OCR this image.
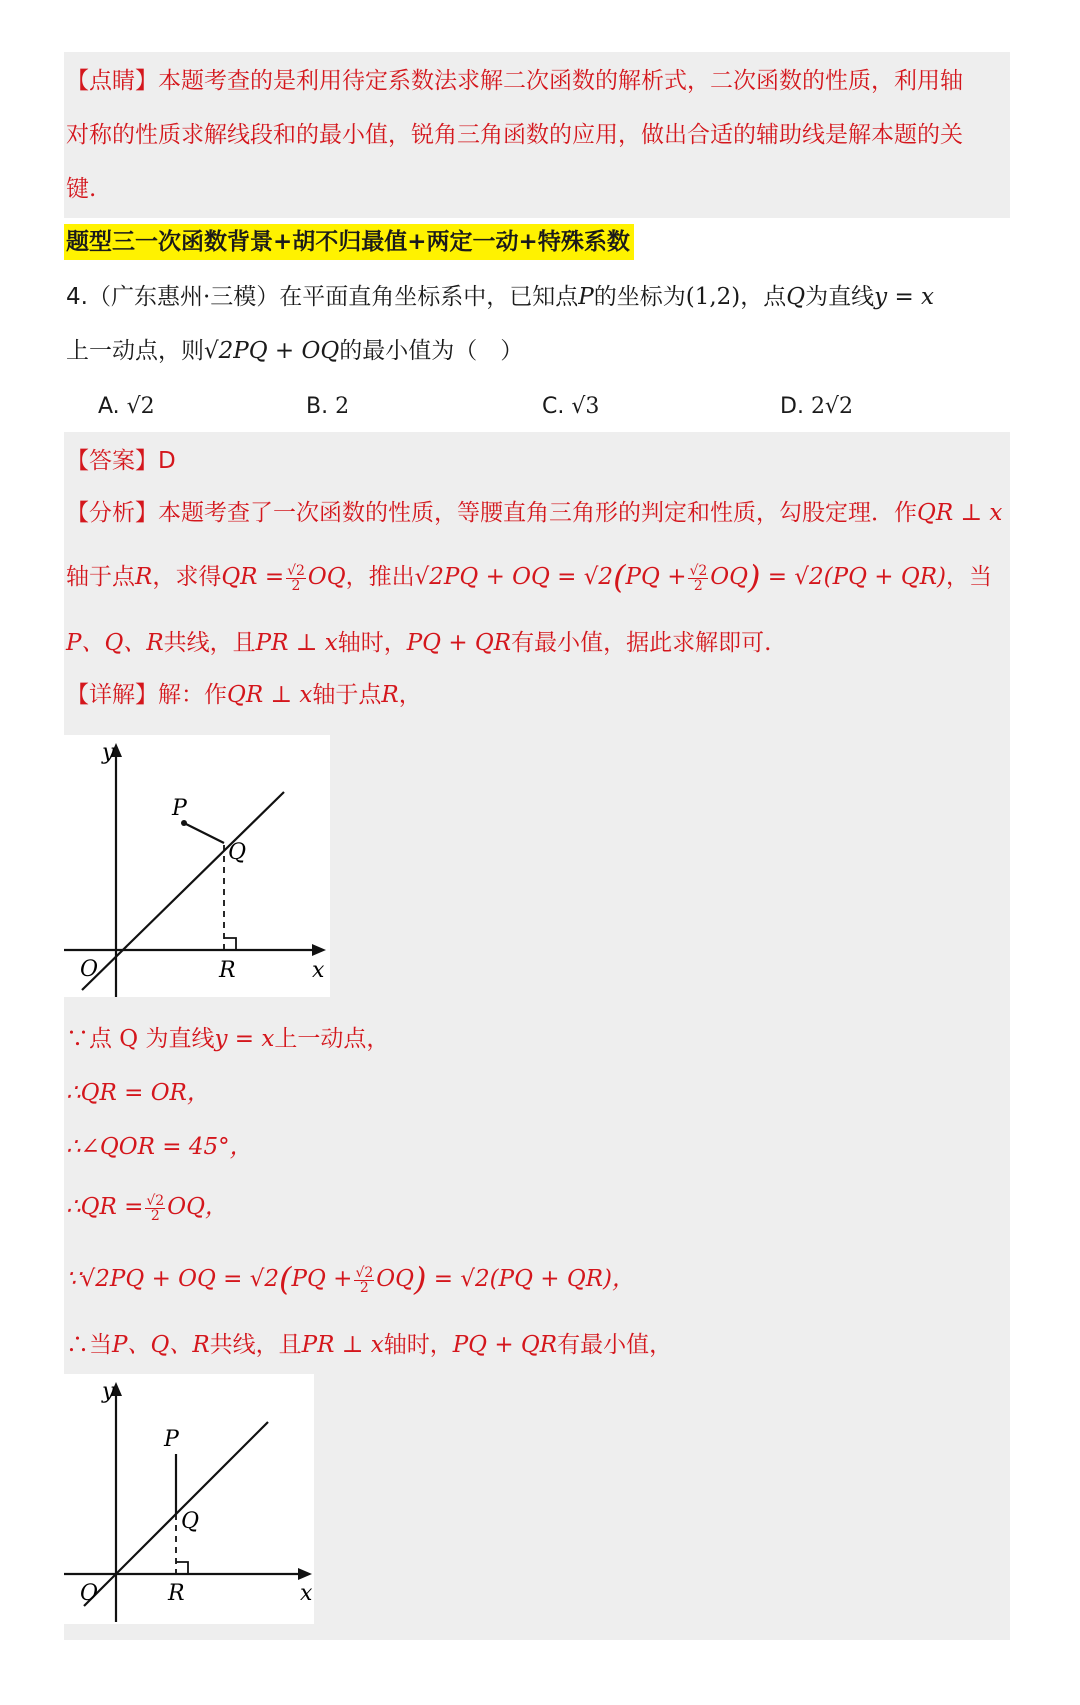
【点睛】本题考查的是利用待定系数法求解二次函数的解析式，二次函数的性质，利用轴
对称的性质求解线段和的最小值，锐角三角函数的应用，做出合适的辅助线是解本题的关
键.
题型三一次函数背景+胡不归最值+两定一动+特殊系数
4.（广东惠州·三模）在平面直角坐标系中，已知点P的坐标为(1,2)，点Q为直线y = x
上一动点，则√2PQ + OQ的最小值为（　）
A. √2	B. 2	C. √3	D. 2√2
【答案】D
【分析】本题考查了一次函数的性质，等腰直角三角形的判定和性质，勾股定理．作QR ⊥ x
轴于点R，求得QR = $\frac{√2}{2}$ OQ，推出√2PQ + OQ = $√2(PQ + \frac{√2}{2} OQ) = √2(PQ + QR)$，当
P、Q、R共线，且PR ⊥ x轴时，PQ + QR有最小值，据此求解即可.
【详解】解：作QR ⊥ x轴于点R，
y
P
Q
O	R	x
∵点 Q 为直线y = x上一动点，
∴QR = OR，
∴∠QOR = 45°，
∴QR = $\frac{√2}{2}$ OQ，
∵√2PQ + OQ = $√2(PQ + \frac{√2}{2} OQ) = √2(PQ + QR)$，
∴当P、Q、R共线，且PR ⊥ x轴时，PQ + QR有最小值，
y
P
Q
O	R	x
